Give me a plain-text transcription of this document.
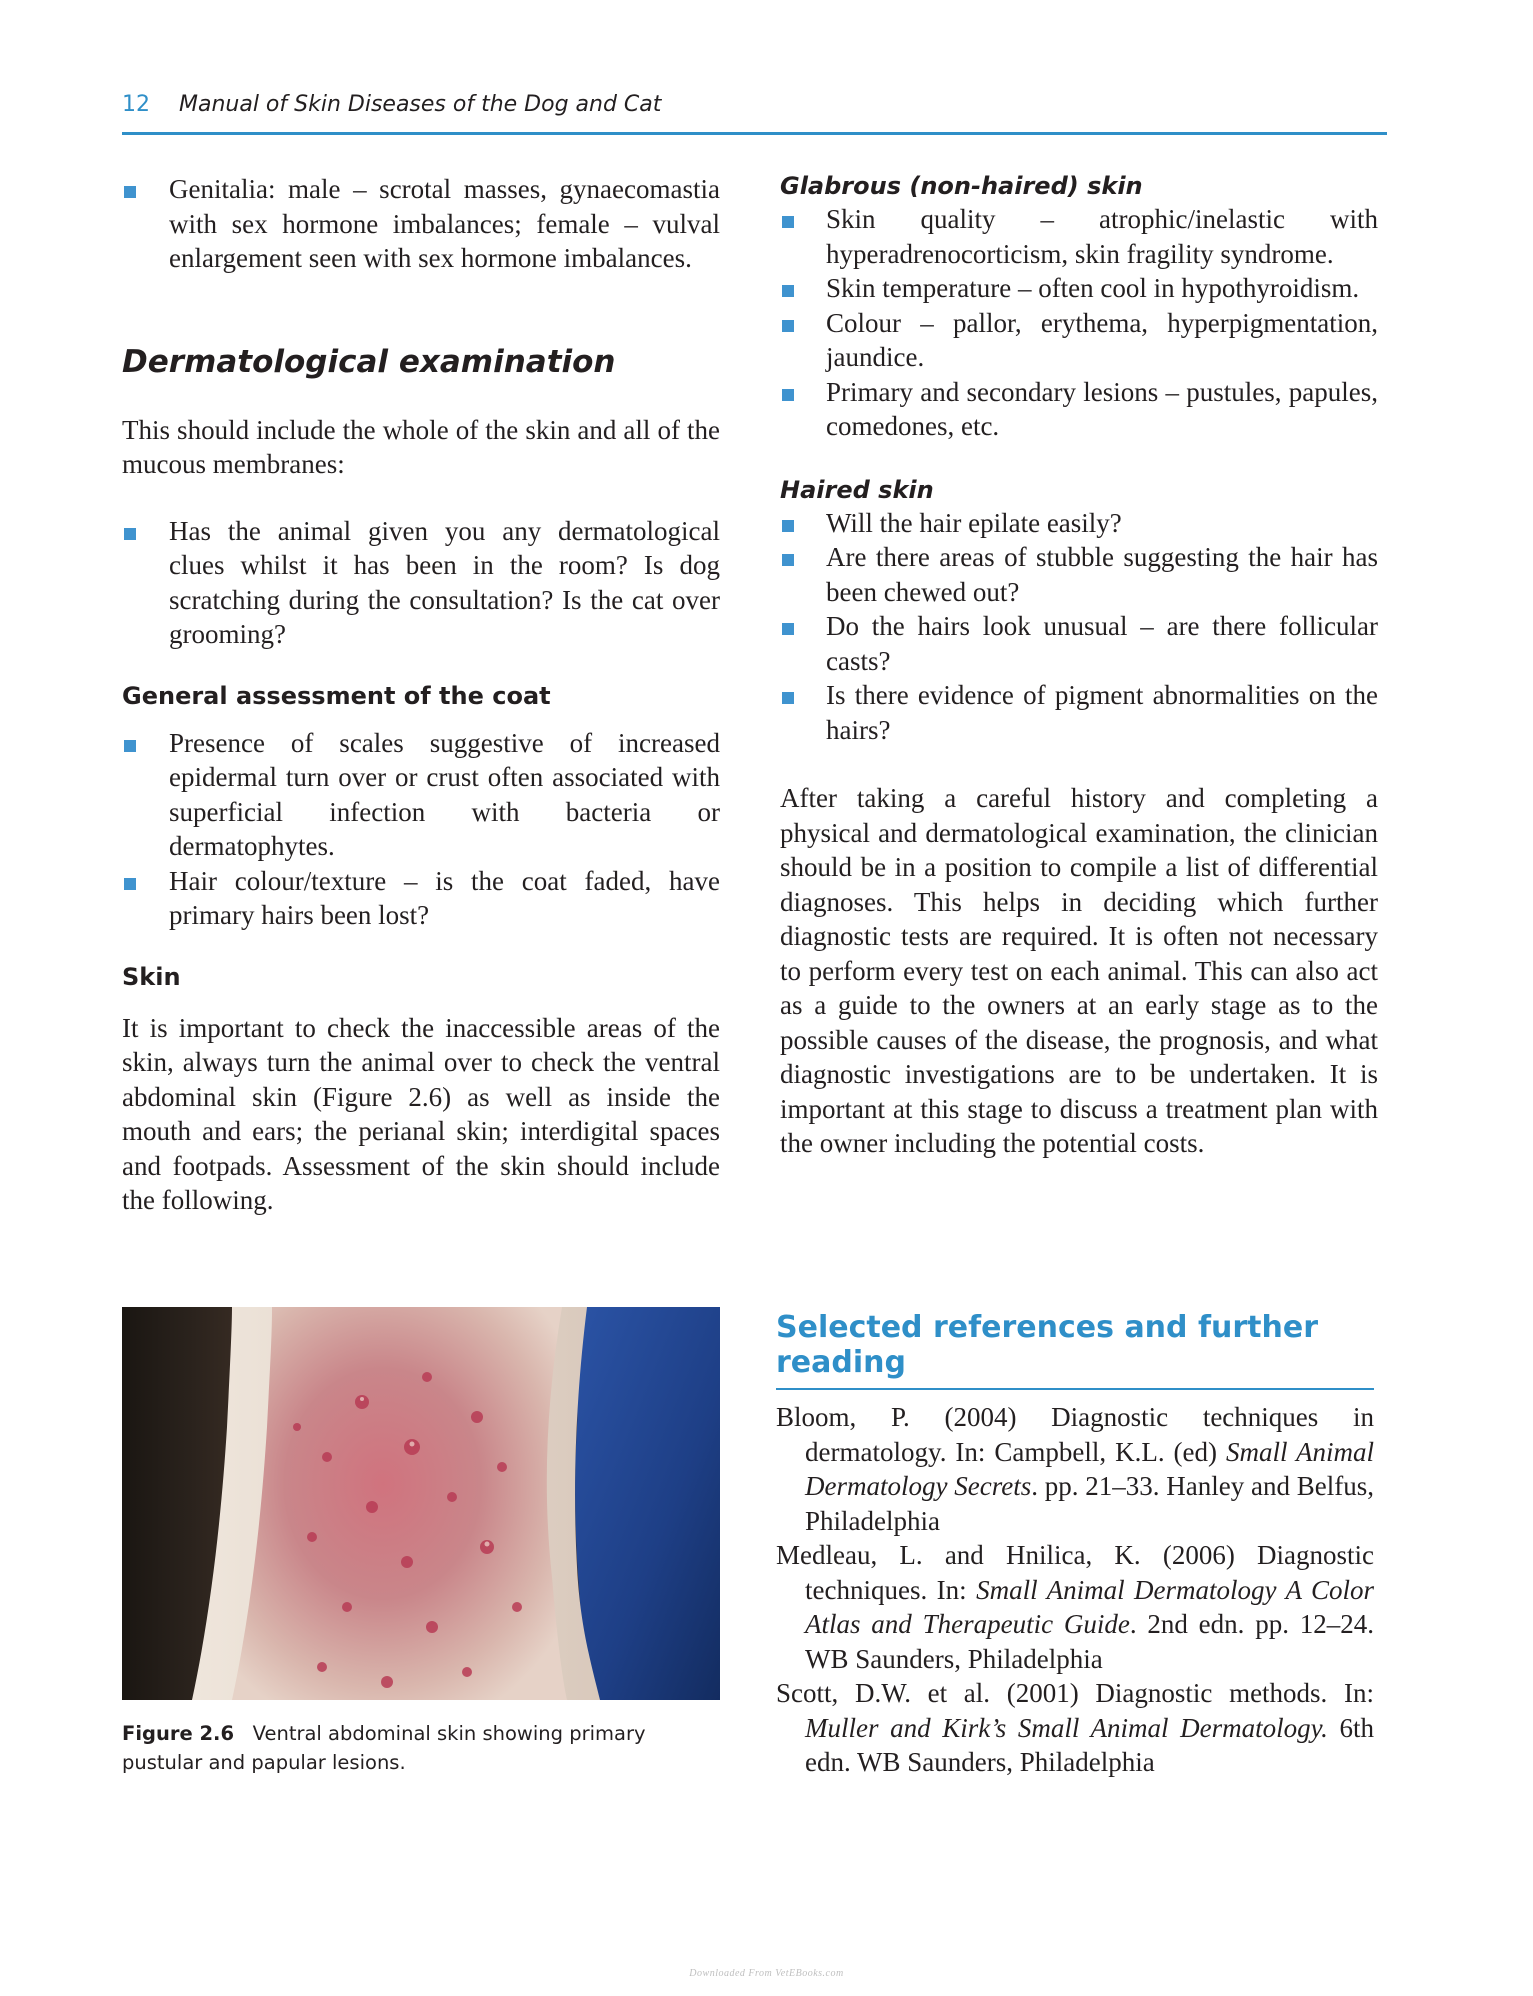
12 Manual of Skin Diseases of the Dog and Cat
Genitalia: male – scrotal masses, gynaecomastia with sex hormone imbalances; female – vulval enlargement seen with sex hormone imbalances.
Dermatological examination

This should include the whole of the skin and all of the mucous membranes:

Has the animal given you any dermatological clues whilst it has been in the room? Is dog scratching during the consultation? Is the cat over grooming?
General assessment of the coat
Presence of scales suggestive of increased epidermal turn over or crust often associated with superficial infection with bacteria or dermatophytes.
Hair colour/texture – is the coat faded, have primary hairs been lost?
Skin

It is important to check the inaccessible areas of the skin, always turn the animal over to check the ventral abdominal skin (Figure 2.6) as well as inside the mouth and ears; the perianal skin; interdigital spaces and footpads. Assessment of the skin should include the following.

Figure 2.6 Ventral abdominal skin showing primary pustular and papular lesions.
Glabrous (non-haired) skin
Skin quality – atrophic/inelastic with hyperadrenocorticism, skin fragility syndrome.
Skin temperature – often cool in hypothyroidism.
Colour – pallor, erythema, hyperpigmentation, jaundice.
Primary and secondary lesions – pustules, papules, comedones, etc.
Haired skin
Will the hair epilate easily?
Are there areas of stubble suggesting the hair has been chewed out?
Do the hairs look unusual – are there follicular casts?
Is there evidence of pigment abnormalities on the hairs?

After taking a careful history and completing a physical and dermatological examination, the clinician should be in a position to compile a list of differential diagnoses. This helps in deciding which further diagnostic tests are required. It is often not necessary to perform every test on each animal. This can also act as a guide to the owners at an early stage as to the possible causes of the disease, the prognosis, and what diagnostic investigations are to be undertaken. It is important at this stage to discuss a treatment plan with the owner including the potential costs.

Selected references and further reading

Bloom, P. (2004) Diagnostic techniques in dermatology. In: Campbell, K.L. (ed) Small Animal Dermatology Secrets. pp. 21–33. Hanley and Belfus, Philadelphia

Medleau, L. and Hnilica, K. (2006) Diagnostic techniques. In: Small Animal Dermatology A Color Atlas and Therapeutic Guide. 2nd edn. pp. 12–24. WB Saunders, Philadelphia

Scott, D.W. et al. (2001) Diagnostic methods. In: Muller and Kirk’s Small Animal Dermatology. 6th edn. WB Saunders, Philadelphia

Downloaded From VetEBooks.com
